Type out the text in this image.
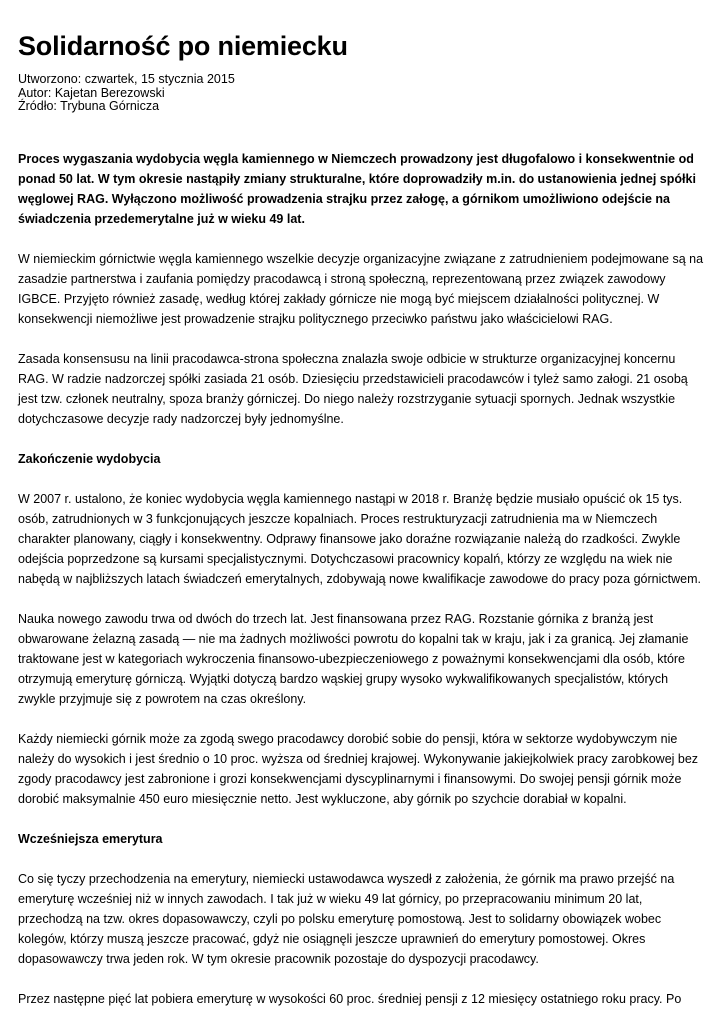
Solidarność po niemiecku
Utworzono: czwartek, 15 stycznia 2015
Autor: Kajetan Berezowski
Źródło: Trybuna Górnicza

Proces wygaszania wydobycia węgla kamiennego w Niemczech prowadzony jest długofalowo i konsekwentnie od ponad 50 lat. W tym okresie nastąpiły zmiany strukturalne, które doprowadziły m.in. do ustanowienia jednej spółki węglowej RAG. Wyłączono możliwość prowadzenia strajku przez załogę, a górnikom umożliwiono odejście na świadczenia przedemerytalne już w wieku 49 lat.

W niemieckim górnictwie węgla kamiennego wszelkie decyzje organizacyjne związane z zatrudnieniem podejmowane są na zasadzie partnerstwa i zaufania pomiędzy pracodawcą i stroną społeczną, reprezentowaną przez związek zawodowy IGBCE. Przyjęto również zasadę, według której zakłady górnicze nie mogą być miejscem działalności politycznej. W konsekwencji niemożliwe jest prowadzenie strajku politycznego przeciwko państwu jako właścicielowi RAG.

Zasada konsensusu na linii pracodawca-strona społeczna znalazła swoje odbicie w strukturze organizacyjnej koncernu RAG. W radzie nadzorczej spółki zasiada 21 osób. Dziesięciu przedstawicieli pracodawców i tyleż samo załogi. 21 osobą jest tzw. członek neutralny, spoza branży górniczej. Do niego należy rozstrzyganie sytuacji spornych. Jednak wszystkie dotychczasowe decyzje rady nadzorczej były jednomyślne.

Zakończenie wydobycia

W 2007 r. ustalono, że koniec wydobycia węgla kamiennego nastąpi w 2018 r. Branżę będzie musiało opuścić ok 15 tys. osób, zatrudnionych w 3 funkcjonujących jeszcze kopalniach. Proces restrukturyzacji zatrudnienia ma w Niemczech charakter planowany, ciągły i konsekwentny. Odprawy finansowe jako doraźne rozwiązanie należą do rzadkości. Zwykle odejścia poprzedzone są kursami specjalistycznymi. Dotychczasowi pracownicy kopalń, którzy ze względu na wiek nie nabędą w najbliższych latach świadczeń emerytalnych, zdobywają nowe kwalifikacje zawodowe do pracy poza górnictwem.

Nauka nowego zawodu trwa od dwóch do trzech lat. Jest finansowana przez RAG. Rozstanie górnika z branżą jest obwarowane żelazną zasadą — nie ma żadnych możliwości powrotu do kopalni tak w kraju, jak i za granicą. Jej złamanie traktowane jest w kategoriach wykroczenia finansowo-ubezpieczeniowego z poważnymi konsekwencjami dla osób, które otrzymują emeryturę górniczą. Wyjątki dotyczą bardzo wąskiej grupy wysoko wykwalifikowanych specjalistów, których zwykle przyjmuje się z powrotem na czas określony.

Każdy niemiecki górnik może za zgodą swego pracodawcy dorobić sobie do pensji, która w sektorze wydobywczym nie należy do wysokich i jest średnio o 10 proc. wyższa od średniej krajowej. Wykonywanie jakiejkolwiek pracy zarobkowej bez zgody pracodawcy jest zabronione i grozi konsekwencjami dyscyplinarnymi i finansowymi. Do swojej pensji górnik może dorobić maksymalnie 450 euro miesięcznie netto. Jest wykluczone, aby górnik po szychcie dorabiał w kopalni.

Wcześniejsza emerytura

Co się tyczy przechodzenia na emerytury, niemiecki ustawodawca wyszedł z założenia, że górnik ma prawo przejść na emeryturę wcześniej niż w innych zawodach. I tak już w wieku 49 lat górnicy, po przepracowaniu minimum 20 lat, przechodzą na tzw. okres dopasowawczy, czyli po polsku emeryturę pomostową. Jest to solidarny obowiązek wobec kolegów, którzy muszą jeszcze pracować, gdyż nie osiągnęli jeszcze uprawnień do emerytury pomostowej. Okres dopasowawczy trwa jeden rok. W tym okresie pracownik pozostaje do dyspozycji pracodawcy.

Przez następne pięć lat pobiera emeryturę w wysokości 60 proc. średniej pensji z 12 miesięcy ostatniego roku pracy. Po
